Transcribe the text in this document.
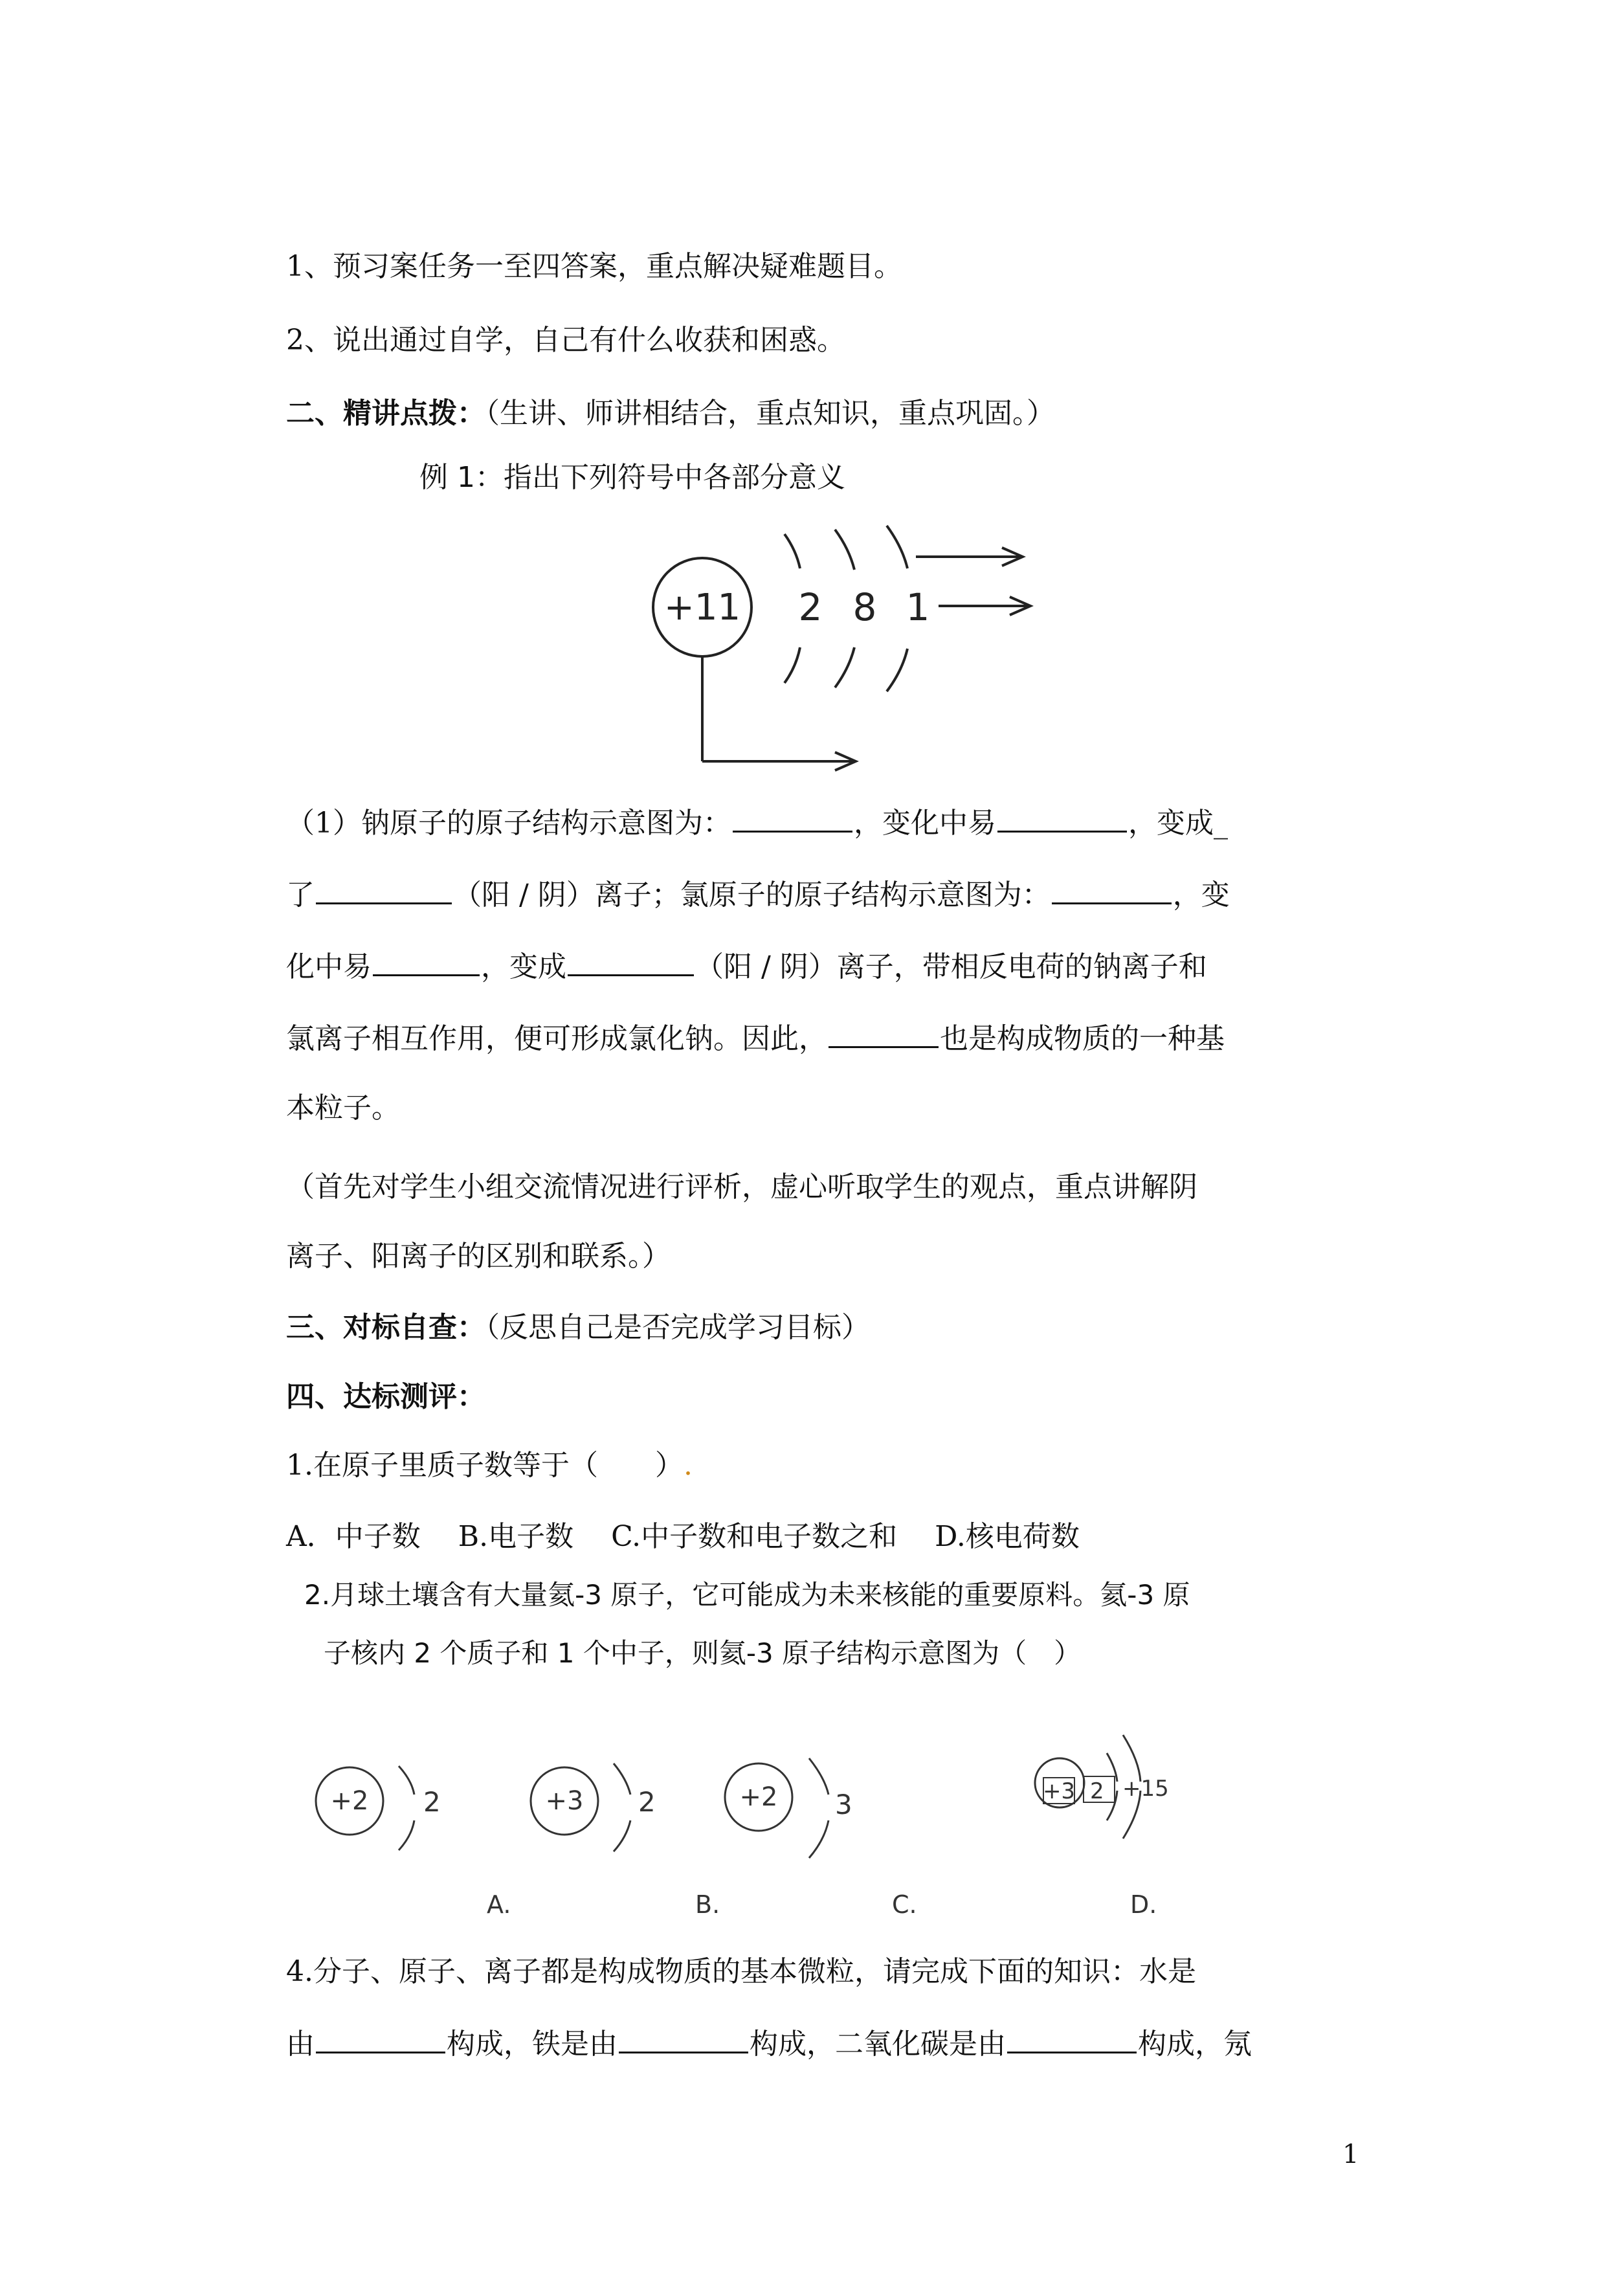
1、预习案任务一至四答案，重点解决疑难题目。
2、说出通过自学，自己有什么收获和困惑。
二、精讲点拨：（生讲、师讲相结合，重点知识，重点巩固。）
例 1：指出下列符号中各部分意义
+11 2 8 1
（1）钠原子的原子结构示意图为：	，变化中易	，变成_
了	（阳 / 阴）离子；氯原子的原子结构示意图为：	，变
化中易	，变成	（阳 / 阴）离子，带相反电荷的钠离子和
氯离子相互作用，便可形成氯化钠。因此，	也是构成物质的一种基
本粒子。
（首先对学生小组交流情况进行评析，虚心听取学生的观点，重点讲解阴
离子、阳离子的区别和联系。）
三、对标自查：（反思自己是否完成学习目标）
四、达标测评：
1.在原子里质子数等于（　　）.
A．中子数　 B.电子数　 C.中子数和电子数之和　 D.核电荷数
2.月球土壤含有大量氦-3 原子，它可能成为未来核能的重要原料。氦-3 原
子核内 2 个质子和 1 个中子，则氦-3 原子结构示意图为（　）
+2 2	+3 2	+2 3	+3 2 +15
A.	B.	C.	D.
4.分子、原子、离子都是构成物质的基本微粒，请完成下面的知识：水是
由	构成，铁是由	构成，二氧化碳是由	构成，氖
1
